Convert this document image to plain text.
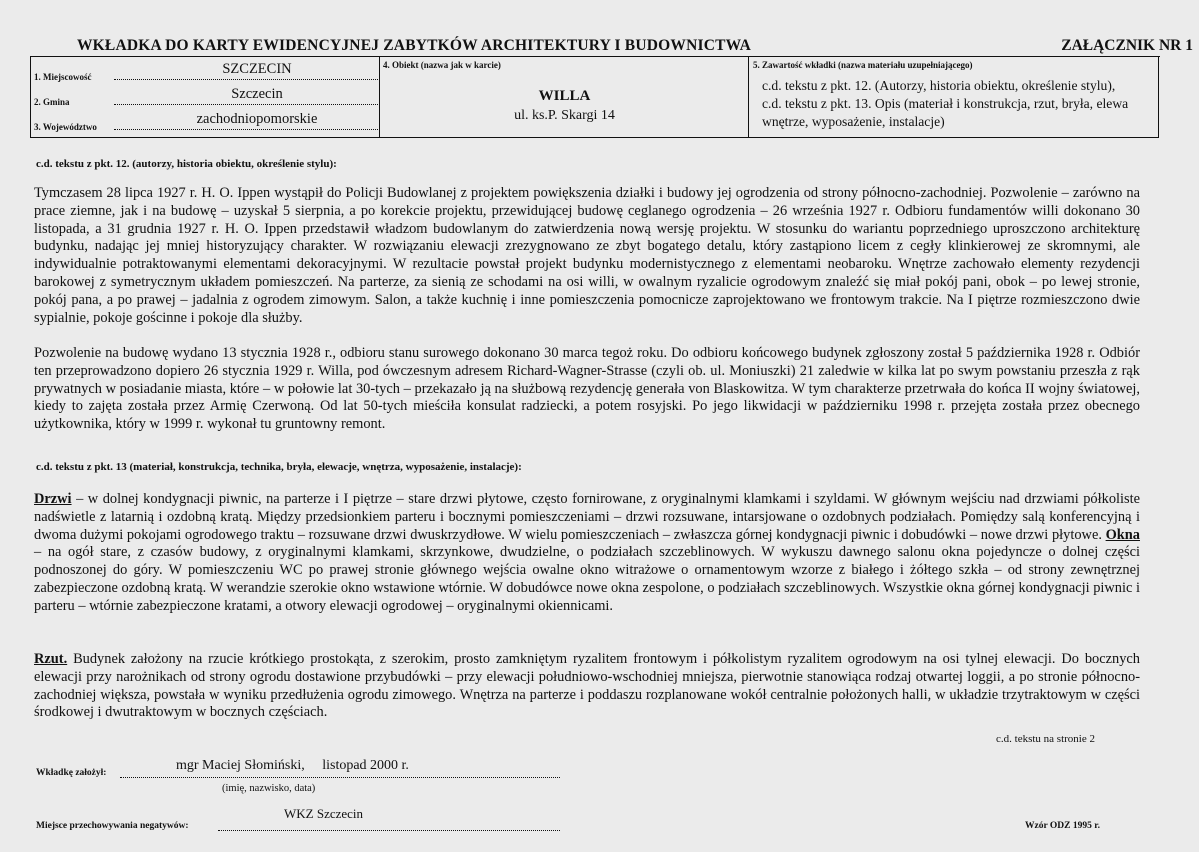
WKŁADKA DO KARTY EWIDENCYJNEJ ZABYTKÓW ARCHITEKTURY I BUDOWNICTWA	ZAŁĄCZNIK NR 1
1. Miejscowość	SZCZECIN
2. Gmina	Szczecin
3. Województwo	zachodniopomorskie
4. Obiekt (nazwa jak w karcie)
WILLA
ul. ks.P. Skargi 14
5. Zawartość wkładki (nazwa materiału uzupełniającego)
c.d. tekstu z pkt. 12. (Autorzy, historia obiektu, określenie stylu),
c.d. tekstu z pkt. 13. Opis (materiał i konstrukcja, rzut, bryła, elewa
wnętrze, wyposażenie, instalacje)
c.d. tekstu z pkt. 12. (autorzy, historia obiektu, określenie stylu):
Tymczasem 28 lipca 1927 r. H. O. Ippen wystąpił do Policji Budowlanej z projektem powiększenia działki i budowy jej ogrodzenia od strony północno-zachodniej. Pozwolenie – zarówno na prace ziemne, jak i na budowę – uzyskał 5 sierpnia, a po korekcie projektu, przewidującej budowę ceglanego ogrodzenia – 26 września 1927 r. Odbioru fundamentów willi dokonano 30 listopada, a 31 grudnia 1927 r. H. O. Ippen przedstawił władzom budowlanym do zatwierdzenia nową wersję projektu. W stosunku do wariantu poprzedniego uproszczono architekturę budynku, nadając jej mniej historyzujący charakter. W rozwiązaniu elewacji zrezygnowano ze zbyt bogatego detalu, który zastąpiono licem z cegły klinkierowej ze skromnymi, ale indywidualnie potraktowanymi elementami dekoracyjnymi. W rezultacie powstał projekt budynku modernistycznego z elementami neobaroku. Wnętrze zachowało elementy rezydencji barokowej z symetrycznym układem pomieszczeń. Na parterze, za sienią ze schodami na osi willi, w owalnym ryzalicie ogrodowym znaleźć się miał pokój pani, obok – po lewej stronie, pokój pana, a po prawej – jadalnia z ogrodem zimowym. Salon, a także kuchnię i inne pomieszczenia pomocnicze zaprojektowano we frontowym trakcie. Na I piętrze rozmieszczono dwie sypialnie, pokoje gościnne i pokoje dla służby.
Pozwolenie na budowę wydano 13 stycznia 1928 r., odbioru stanu surowego dokonano 30 marca tegoż roku. Do odbioru końcowego budynek zgłoszony został 5 października 1928 r. Odbiór ten przeprowadzono dopiero 26 stycznia 1929 r. Willa, pod ówczesnym adresem Richard-Wagner-Strasse (czyli ob. ul. Moniuszki) 21 zaledwie w kilka lat po swym powstaniu przeszła z rąk prywatnych w posiadanie miasta, które – w połowie lat 30-tych – przekazało ją na służbową rezydencję generała von Blaskowitza. W tym charakterze przetrwała do końca II wojny światowej, kiedy to zajęta została przez Armię Czerwoną. Od lat 50-tych mieściła konsulat radziecki, a potem rosyjski. Po jego likwidacji w październiku 1998 r. przejęta została przez obecnego użytkownika, który w 1999 r. wykonał tu gruntowny remont.
c.d. tekstu z pkt. 13 (materiał, konstrukcja, technika, bryła, elewacje, wnętrza, wyposażenie, instalacje):
Drzwi – w dolnej kondygnacji piwnic, na parterze i I piętrze – stare drzwi płytowe, często fornirowane, z oryginalnymi klamkami i szyldami. W głównym wejściu nad drzwiami półkoliste nadświetle z latarnią i ozdobną kratą. Między przedsionkiem parteru i bocznymi pomieszczeniami – drzwi rozsuwane, intarsjowane o ozdobnych podziałach. Pomiędzy salą konferencyjną i dwoma dużymi pokojami ogrodowego traktu – rozsuwane drzwi dwuskrzydłowe. W wielu pomieszczeniach – zwłaszcza górnej kondygnacji piwnic i dobudówki – nowe drzwi płytowe. Okna – na ogół stare, z czasów budowy, z oryginalnymi klamkami, skrzynkowe, dwudzielne, o podziałach szczeblinowych. W wykuszu dawnego salonu okna pojedyncze o dolnej części podnoszonej do góry. W pomieszczeniu WC po prawej stronie głównego wejścia owalne okno witrażowe o ornamentowym wzorze z białego i żółtego szkła – od strony zewnętrznej zabezpieczone ozdobną kratą. W werandzie szerokie okno wstawione wtórnie. W dobudówce nowe okna zespolone, o podziałach szczeblinowych. Wszystkie okna górnej kondygnacji piwnic i parteru – wtórnie zabezpieczone kratami, a otwory elewacji ogrodowej – oryginalnymi okiennicami.
Rzut. Budynek założony na rzucie krótkiego prostokąta, z szerokim, prosto zamkniętym ryzalitem frontowym i półkolistym ryzalitem ogrodowym na osi tylnej elewacji. Do bocznych elewacji przy narożnikach od strony ogrodu dostawione przybudówki – przy elewacji południowo-wschodniej mniejsza, pierwotnie stanowiąca rodzaj otwartej loggii, a po stronie północno-zachodniej większa, powstała w wyniku przedłużenia ogrodu zimowego. Wnętrza na parterze i poddaszu rozplanowane wokół centralnie położonych halli, w układzie trzytraktowym w części środkowej i dwutraktowym w bocznych częściach.
c.d. tekstu na stronie 2
Wkładkę założył:	mgr Maciej Słomiński,     listopad 2000 r.
(imię, nazwisko, data)
Miejsce przechowywania negatywów:
WKZ Szczecin
Wzór ODZ 1995 r.
